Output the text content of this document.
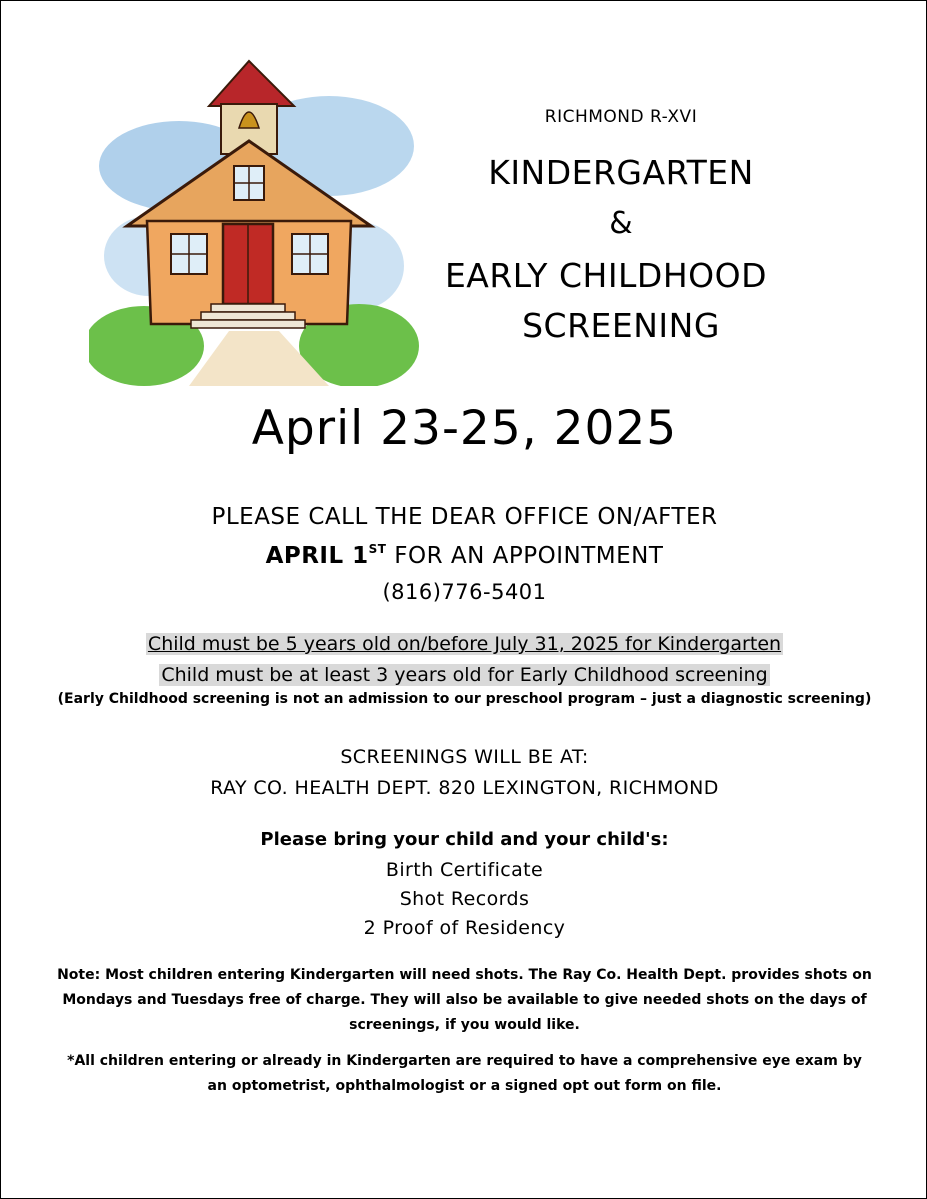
RICHMOND R-XVI
KINDERGARTEN
&
EARLY CHILDHOOD
SCREENING
April 23-25, 2025
PLEASE CALL THE DEAR OFFICE ON/AFTER
APRIL 1ST FOR AN APPOINTMENT
(816)776-5401
Child must be 5 years old on/before July 31, 2025 for Kindergarten
Child must be at least 3 years old for Early Childhood screening
(Early Childhood screening is not an admission to our preschool program – just a diagnostic screening)
SCREENINGS WILL BE AT:
RAY CO. HEALTH DEPT. 820 LEXINGTON, RICHMOND
Please bring your child and your child's:
Birth Certificate
Shot Records
2 Proof of Residency
Note: Most children entering Kindergarten will need shots. The Ray Co. Health Dept. provides shots on Mondays and Tuesdays free of charge. They will also be available to give needed shots on the days of screenings, if you would like.
*All children entering or already in Kindergarten are required to have a comprehensive eye exam by an optometrist, ophthalmologist or a signed opt out form on file.
